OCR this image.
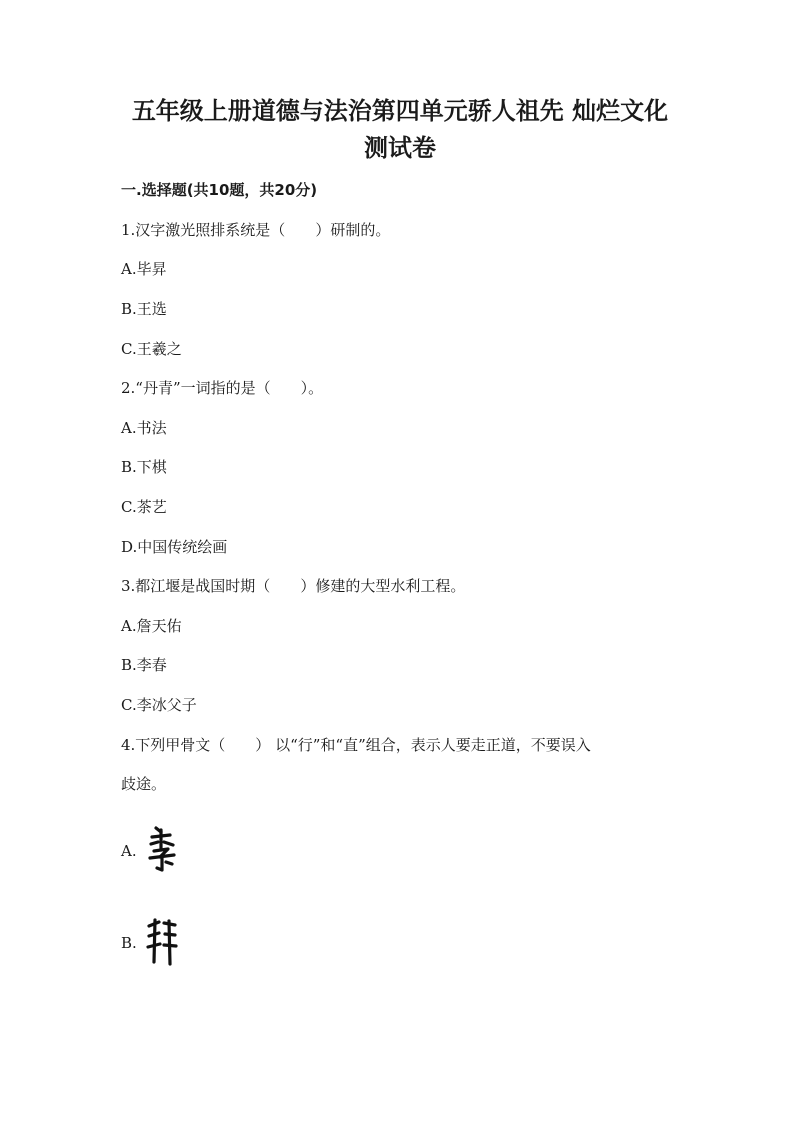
五年级上册道德与法治第四单元骄人祖先 灿烂文化
测试卷
一.选择题(共10题，共20分)
1.汉字激光照排系统是（　　）研制的。
A.毕昇
B.王选
C.王羲之
2.“丹青”一词指的是（　　）。
A.书法
B.下棋
C.茶艺
D.中国传统绘画
3.都江堰是战国时期（　　）修建的大型水利工程。
A.詹天佑
B.李春
C.李冰父子
4.下列甲骨文（　　） 以“行”和“直”组合，表示人要走正道，不要误入
歧途。
A.
B.
